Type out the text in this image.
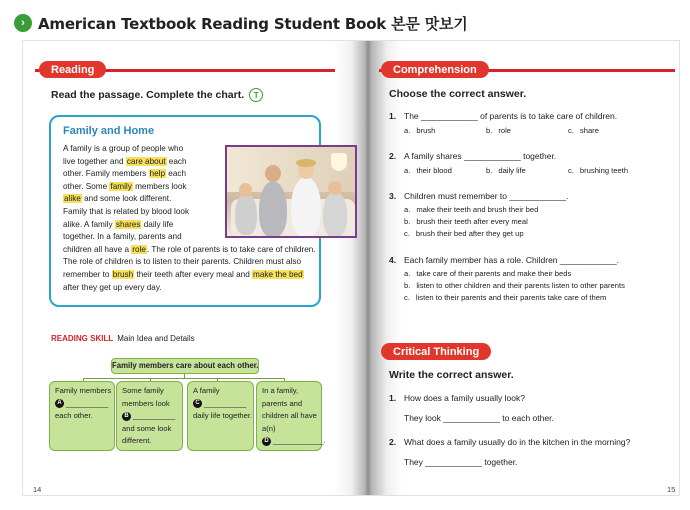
› American Textbook Reading Student Book 본문 맛보기
Reading
Read the passage. Complete the chart. T
Family and Home
A family is a group of people who
live together and care about each
other. Family members help each
other. Some family members look
alike and some look different.
Family that is related by blood look
alike. A family shares daily life
together. In a family, parents and
children all have a role. The role of parents is to take care of children.
The role of children is to listen to their parents. Children must also
remember to brush their teeth after every meal and make the bed
after they get up every day.
READING SKILL Main Idea and Details
Family members care about each other.
14
Comprehension
Choose the correct answer.
Critical Thinking
Write the correct answer.
15
Family members
A __________
each other.
Some family
members look
B __________
and some look
different.
A family
C __________
daily life together.
In a family,
parents and
children all have
a(n)
D ____________.
1. The ____________ of parents is to take care of children.
a. brush	b. role	c. share
2. A family shares ____________ together.
a. their blood	b. daily life	c. brushing teeth
3. Children must remember to ____________.
a. make their teeth and brush their bed
b. brush their teeth after every meal
c. brush their bed after they get up
4. Each family member has a role. Children ____________.
a. take care of their parents and make their beds
b. listen to other children and their parents listen to other parents
c. listen to their parents and their parents take care of them
1. How does a family usually look?
They look ____________ to each other.
2. What does a family usually do in the kitchen in the morning?
They ____________ together.
